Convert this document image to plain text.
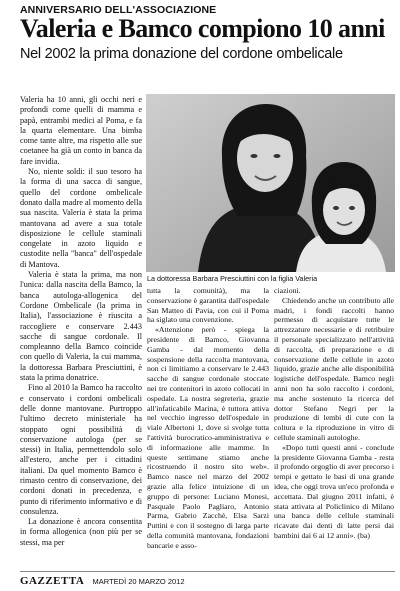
ANNIVERSARIO DELL'ASSOCIAZIONE
Valeria e Bamco compiono 10 anni
Nel 2002 la prima donazione del cordone ombelicale

Valeria ha 10 anni, gli occhi neri e profondi come quelli di mamma e papà, entrambi medici al Poma, e fa la quarta elementare. Una bimba come tante altre, ma rispetto alle sue coetanee ha già un conto in banca da fare invidia.

No, niente soldi: il suo tesoro ha la forma di una sacca di sangue, quello del cordone ombelicale donato dalla madre al momento della sua nascita. Valeria è stata la prima mantovana ad avere a sua totale disposizione le cellule staminali congelate in azoto liquido e custodite nella "banca" dell'ospedale di Mantova.

Valeria è stata la prima, ma non l'unica: dalla nascita della Bamco, la banca autologa-allogenica del Cordone Ombelicale (la prima in Italia), l'associazione è riuscita a raccogliere e conservare 2.443 sacche di sangue cordonale. Il compleanno della Bamco coincide con quello di Valeria, la cui mamma, la dottoressa Barbara Presciuttini, è stata la prima donatrice.

Fino al 2010 la Bamco ha raccolto e conservato i cordoni ombelicali delle donne mantovane. Purtroppo l'ultimo decreto ministeriale ha stoppato ogni possibilità di conservazione autologa (per se stessi) in Italia, permettendolo solo all'estero, anche per i cittadini italiani. Da quel momento Bamco è rimasto centro di conservazione, dei cordoni donati in precedenza, e punto di riferimento informativo e di consulenza.

La donazione è ancora consentita in forma allogenica (non più per se stessi, ma per

La dottoressa Barbara Presciuttini con la figlia Valeria

tutta la comunità), ma la conservazione è garantita dall'ospedale San Matteo di Pavia, con cui il Poma ha siglato una convenzione.

«Attenzione però - spiega la presidente di Bamco, Giovanna Gamba - dal momento della sospensione della raccolta mantovana, non ci limitiamo a conservare le 2.443 sacche di sangue cordonale stoccate nei tre contenitori in azoto collocati in ospedale. La nostra segreteria, grazie all'infaticabile Marina, è tuttora attiva nel vecchio ingresso dell'ospedale in viale Albertoni 1, dove si svolge tutta l'attività burocratico-amministrativa e di informazione alle mamme. In queste settimane stiamo anche ricostruendo il nostro sito web». Bamco nasce nel marzo del 2002 grazie alla felice intuizione di un gruppo di persone: Luciano Monesi, Pasquale Paolo Pagliaro, Antonio Parma, Gabrio Zacchè, Elsa Sarzi Puttini e con il sostegno di larga parte della comunità mantovana, fondazioni bancarie e asso-

ciazioni.

Chiedendo anche un contributo alle madri, i fondi raccolti hanno permesso di acquistare tutte le attrezzature necessarie e di retribuire il personale specializzato nell'attività di raccolta, di preparazione e di conservazione delle cellule in azoto liquido, grazie anche alle disponibilità logistiche dell'ospedale. Bamco negli anni non ha solo raccolto i cordoni, ma anche sostenuto la ricerca del dottor Stefano Negri per la produzione di lembi di cute con la coltura e la riproduzione in vitro di cellule staminali autologhe.

«Dopo tutti questi anni - conclude la presidente Giovanna Gamba - resta il profondo orgoglio di aver precorso i tempi e gettato le basi di una grande idea, che oggi trova un'eco profonda e accettata. Dal giugno 2011 infatti, è stata attivata al Policlinico di Milano una banca delle cellule staminali ricavate dai denti di latte persi dai bambini dai 6 ai 12 anni». (ba)

GAZZETTA MARTEDÌ 20 MARZO 2012
